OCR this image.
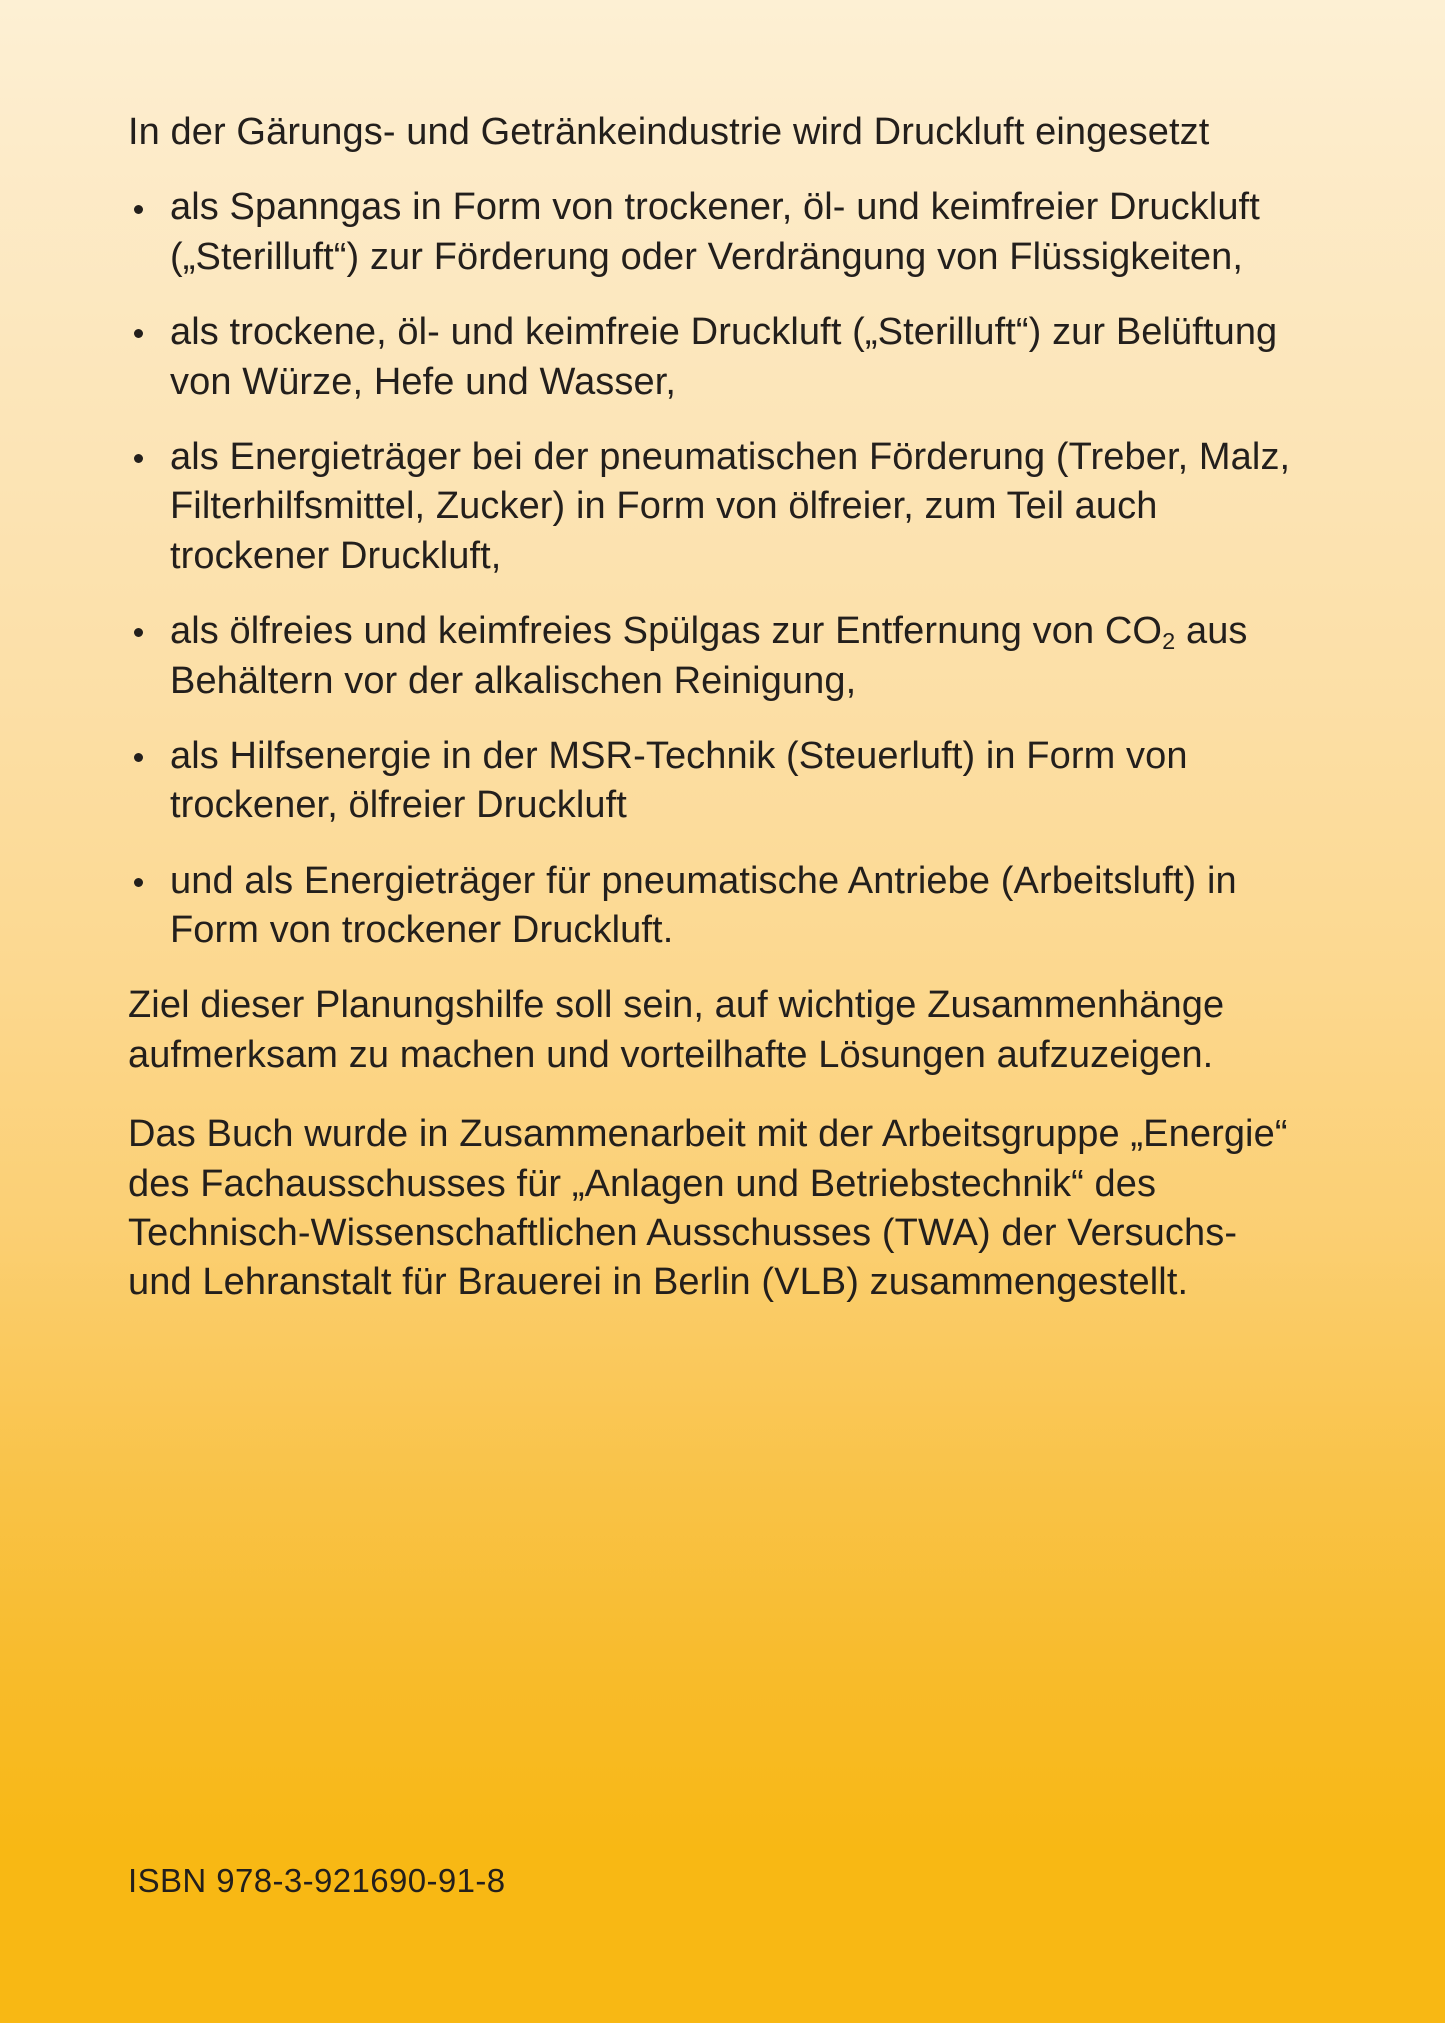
In der Gärungs- und Getränkeindustrie wird Druckluft eingesetzt

als Spanngas in Form von trockener, öl- und keimfreier Druckluft („Sterilluft“) zur Förderung oder Verdrängung von Flüssigkeiten,
als trockene, öl- und keimfreie Druckluft („Sterilluft“) zur Belüftung von Würze, Hefe und Wasser,
als Energieträger bei der pneumatischen Förderung (Treber, Malz, Filterhilfsmittel, Zucker) in Form von ölfreier, zum Teil auch trockener Druckluft,
als ölfreies und keimfreies Spülgas zur Entfernung von $CO_2$ aus Behältern vor der alkalischen Reinigung,
als Hilfsenergie in der MSR-Technik (Steuerluft) in Form von trockener, ölfreier Druckluft
und als Energieträger für pneumatische Antriebe (Arbeitsluft) in Form von trockener Druckluft.

Ziel dieser Planungshilfe soll sein, auf wichtige Zusammenhänge aufmerksam zu machen und vorteilhafte Lösungen aufzuzeigen.

Das Buch wurde in Zusammenarbeit mit der Arbeitsgruppe „Energie“ des Fachausschusses für „Anlagen und Betriebstechnik“ des Technisch-Wissenschaftlichen Ausschusses (TWA) der Versuchs- und Lehranstalt für Brauerei in Berlin (VLB) zusammengestellt.

ISBN 978-3-921690-91-8
